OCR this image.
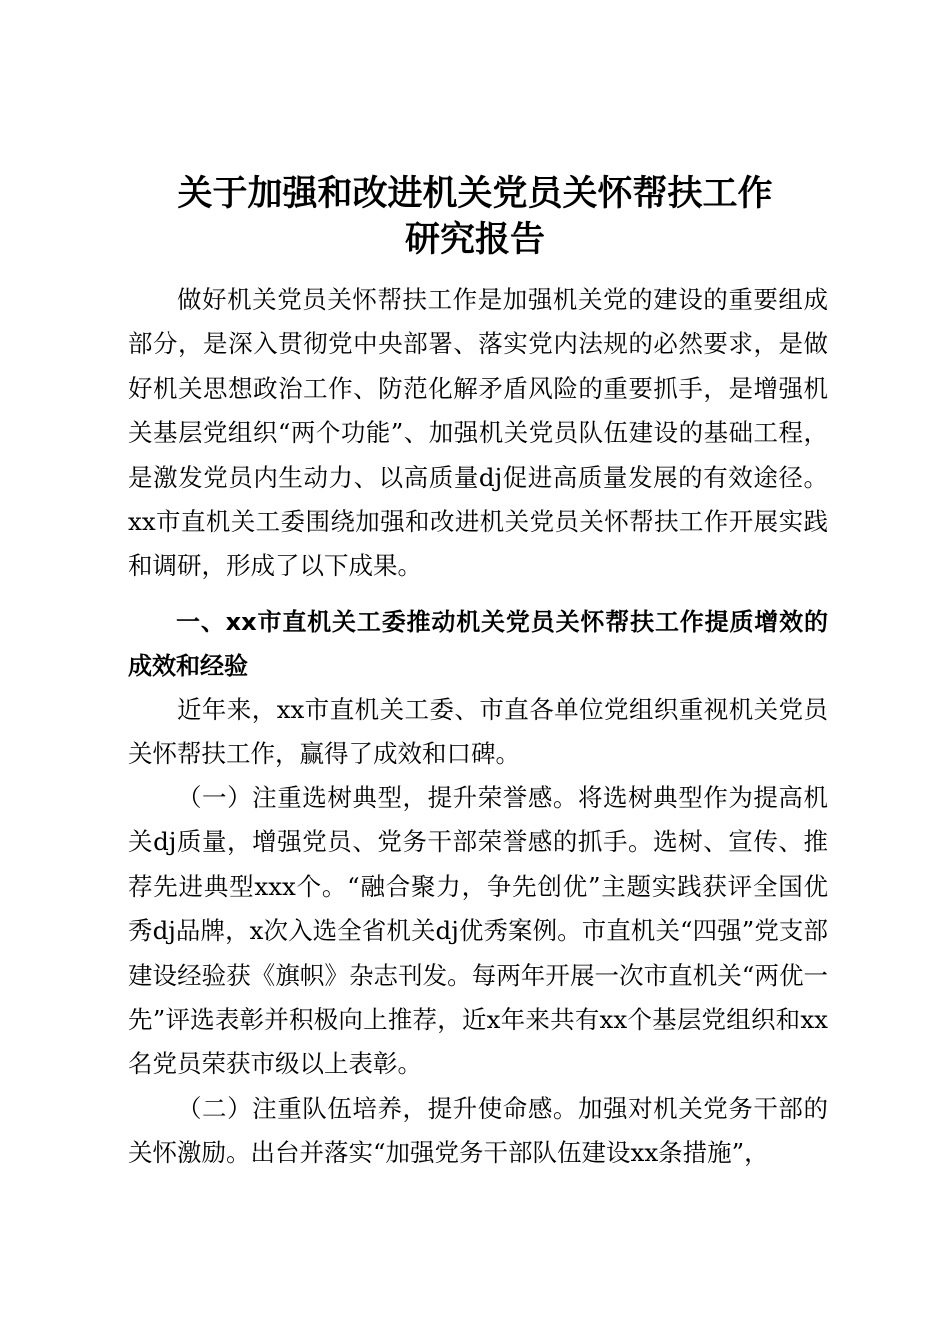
关于加强和改进机关党员关怀帮扶工作
研究报告

做好机关党员关怀帮扶工作是加强机关党的建设的重要组成部分，是深入贯彻党中央部署、落实党内法规的必然要求，是做好机关思想政治工作、防范化解矛盾风险的重要抓手，是增强机关基层党组织“两个功能”、加强机关党员队伍建设的基础工程，是激发党员内生动力、以高质量dj促进高质量发展的有效途径。xx市直机关工委围绕加强和改进机关党员关怀帮扶工作开展实践和调研，形成了以下成果。

一、xx市直机关工委推动机关党员关怀帮扶工作提质增效的成效和经验

近年来，xx市直机关工委、市直各单位党组织重视机关党员关怀帮扶工作，赢得了成效和口碑。

（一）注重选树典型，提升荣誉感。将选树典型作为提高机关dj质量，增强党员、党务干部荣誉感的抓手。选树、宣传、推荐先进典型xxx个。“融合聚力，争先创优”主题实践获评全国优秀dj品牌，x次入选全省机关dj优秀案例。市直机关“四强”党支部建设经验获《旗帜》杂志刊发。每两年开展一次市直机关“两优一先”评选表彰并积极向上推荐，近x年来共有xx个基层党组织和xx名党员荣获市级以上表彰。

（二）注重队伍培养，提升使命感。加强对机关党务干部的关怀激励。出台并落实“加强党务干部队伍建设xx条措施”，
